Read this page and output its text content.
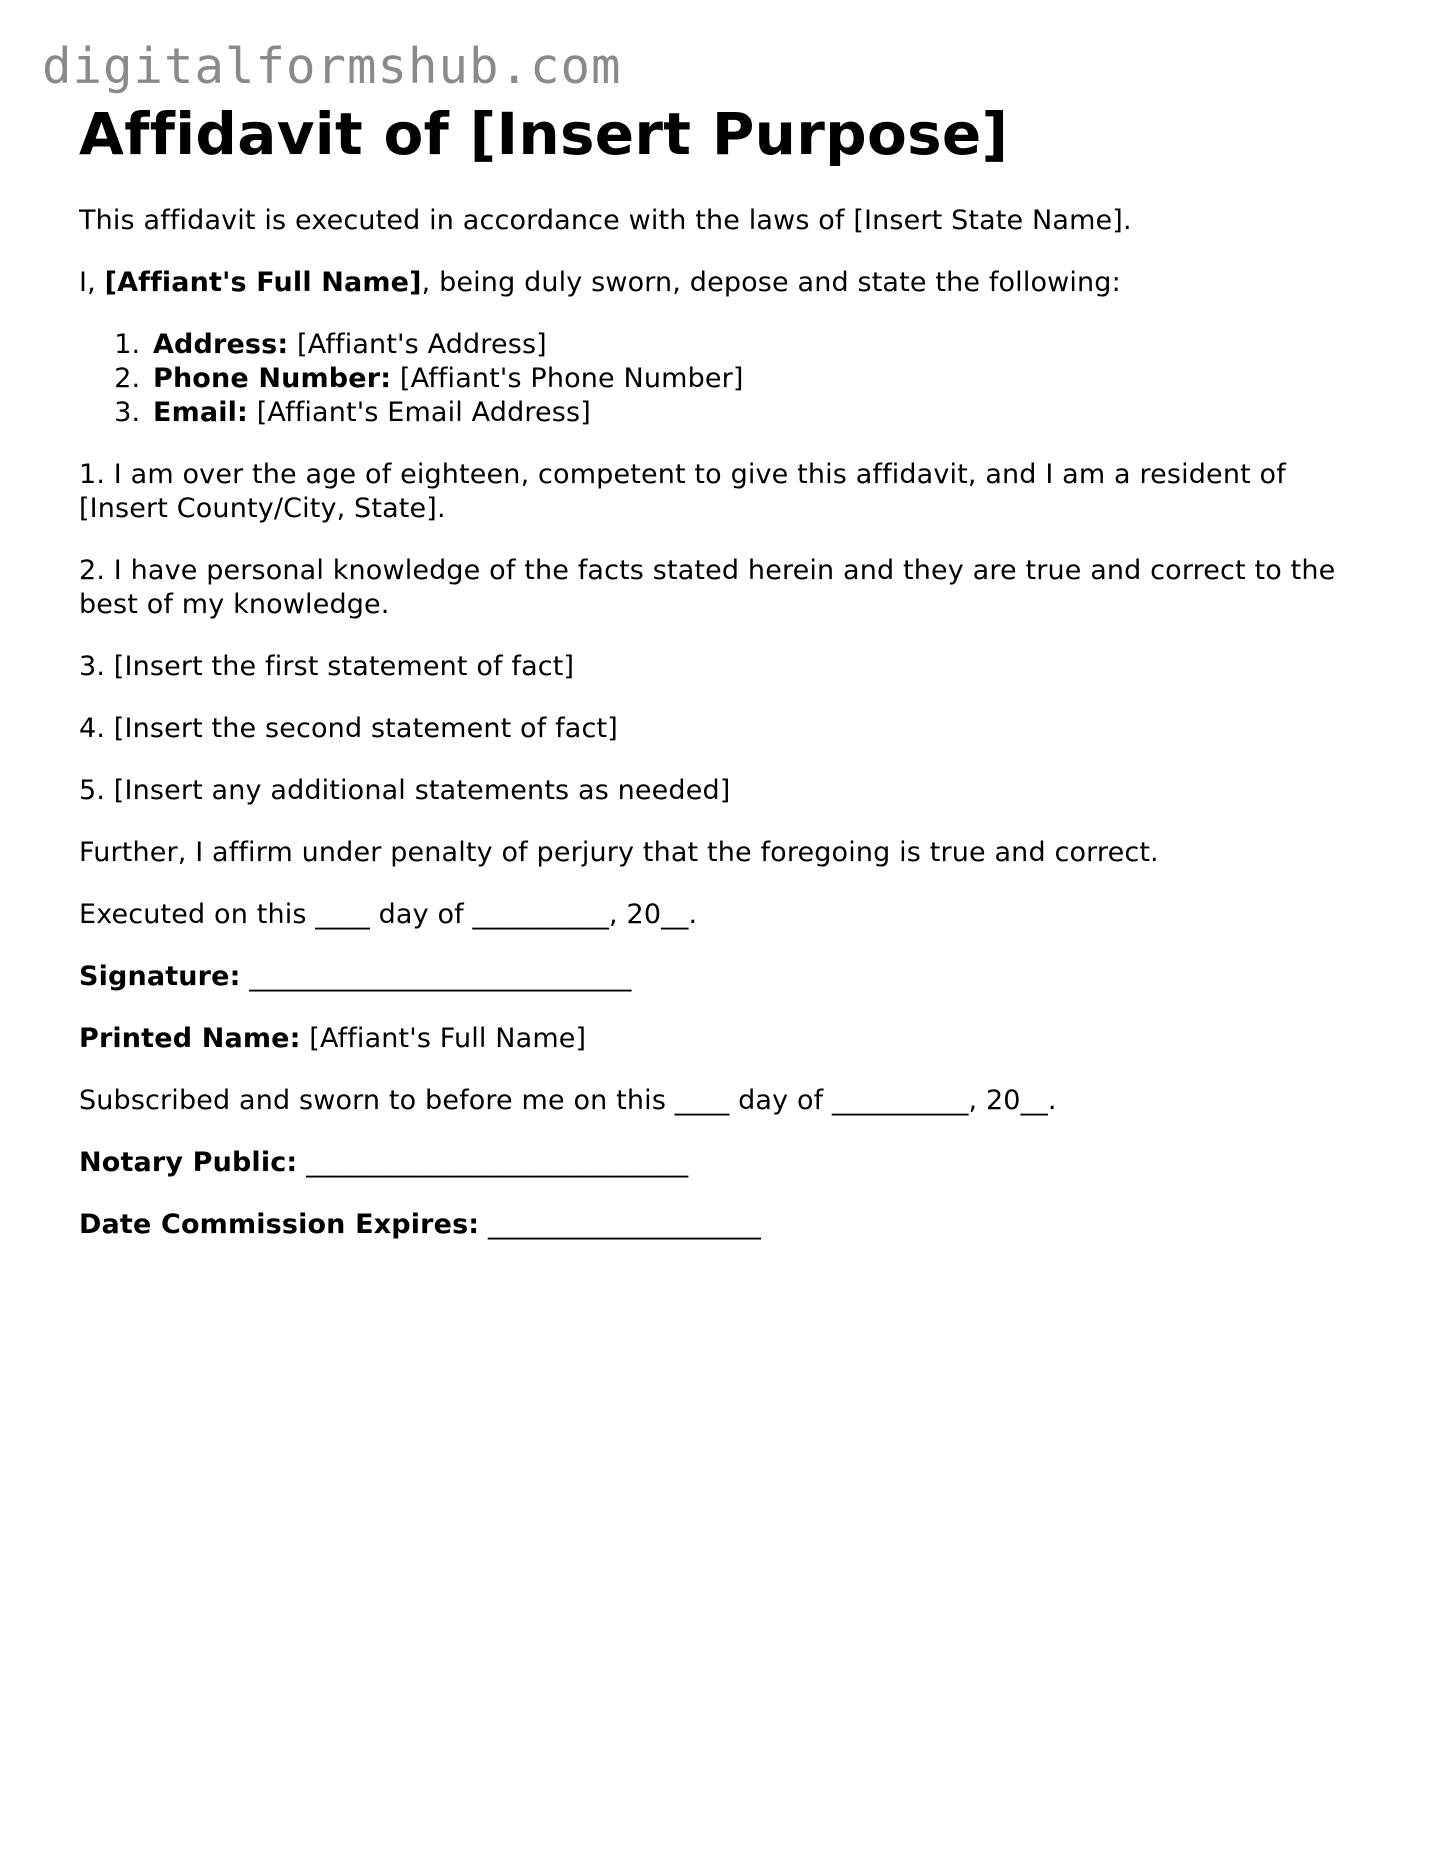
digitalformshub.com
Affidavit of [Insert Purpose]

This affidavit is executed in accordance with the laws of [Insert State Name].

I, [Affiant's Full Name], being duly sworn, depose and state the following:

1. Address: [Affiant's Address]
2. Phone Number: [Affiant's Phone Number]
3. Email: [Affiant's Email Address]

1. I am over the age of eighteen, competent to give this affidavit, and I am a resident of [Insert County/City, State].

2. I have personal knowledge of the facts stated herein and they are true and correct to the best of my knowledge.

3. [Insert the first statement of fact]

4. [Insert the second statement of fact]

5. [Insert any additional statements as needed]

Further, I affirm under penalty of perjury that the foregoing is true and correct.

Executed on this ____ day of __________, 20__.

Signature: ____________________________

Printed Name: [Affiant's Full Name]

Subscribed and sworn to before me on this ____ day of __________, 20__.

Notary Public: ____________________________

Date Commission Expires: ____________________
